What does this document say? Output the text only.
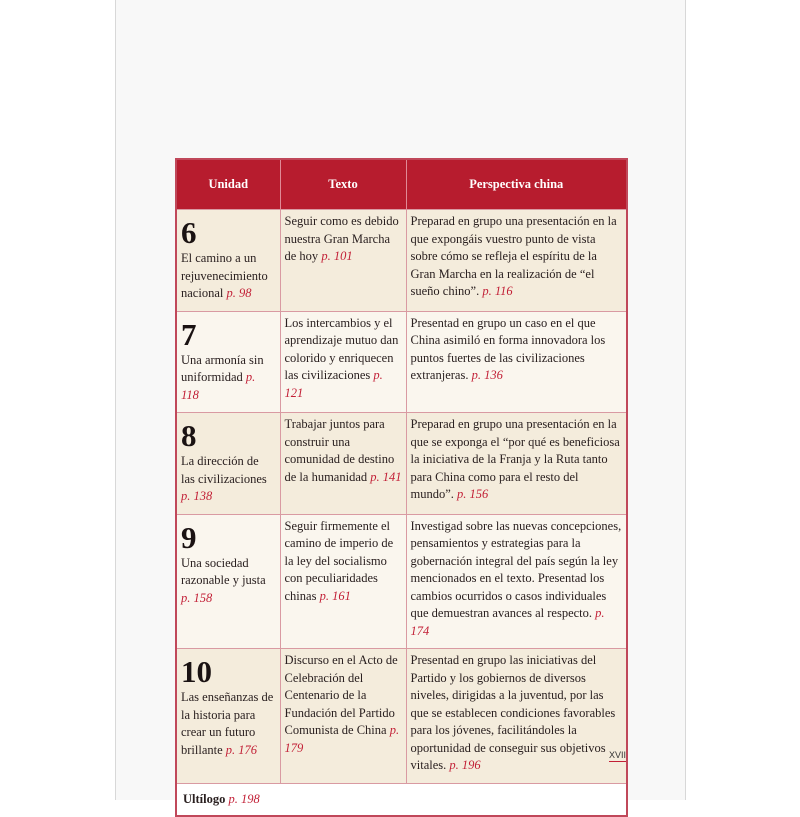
Unidad	Texto	Perspectiva china

6
El camino a un rejuvenecimiento nacional p. 98	Seguir como es debido nuestra Gran Marcha de hoy p. 101	Preparad en grupo una presentación en la que expongáis vuestro punto de vista sobre cómo se refleja el espíritu de la Gran Marcha en la realización de “el sueño chino”. p. 116

7
Una armonía sin uniformidad p. 118	Los intercambios y el aprendizaje mutuo dan colorido y enriquecen las civilizaciones p. 121	Presentad en grupo un caso en el que China asimiló en forma innovadora los puntos fuertes de las civilizaciones extranjeras. p. 136

8
La dirección de las civilizaciones p. 138	Trabajar juntos para construir una comunidad de destino de la humanidad p. 141	Preparad en grupo una presentación en la que se exponga el “por qué es beneficiosa la iniciativa de la Franja y la Ruta tanto para China como para el resto del mundo”. p. 156

9
Una sociedad razonable y justa p. 158	Seguir firmemente el camino de imperio de la ley del socialismo con peculiaridades chinas p. 161	Investigad sobre las nuevas concepciones, pensamientos y estrategias para la gobernación integral del país según la ley mencionados en el texto. Presentad los cambios ocurridos o casos individuales que demuestran avances al respecto. p. 174

10
Las enseñanzas de la historia para crear un futuro brillante p. 176	Discurso en el Acto de Celebración del Centenario de la Fundación del Partido Comunista de China p. 179	Presentad en grupo las iniciativas del Partido y los gobiernos de diversos niveles, dirigidas a la juventud, por las que se establecen condiciones favorables para los jóvenes, facilitándoles la oportunidad de conseguir sus objetivos vitales. p. 196
Ultílogo p. 198		
XVII
